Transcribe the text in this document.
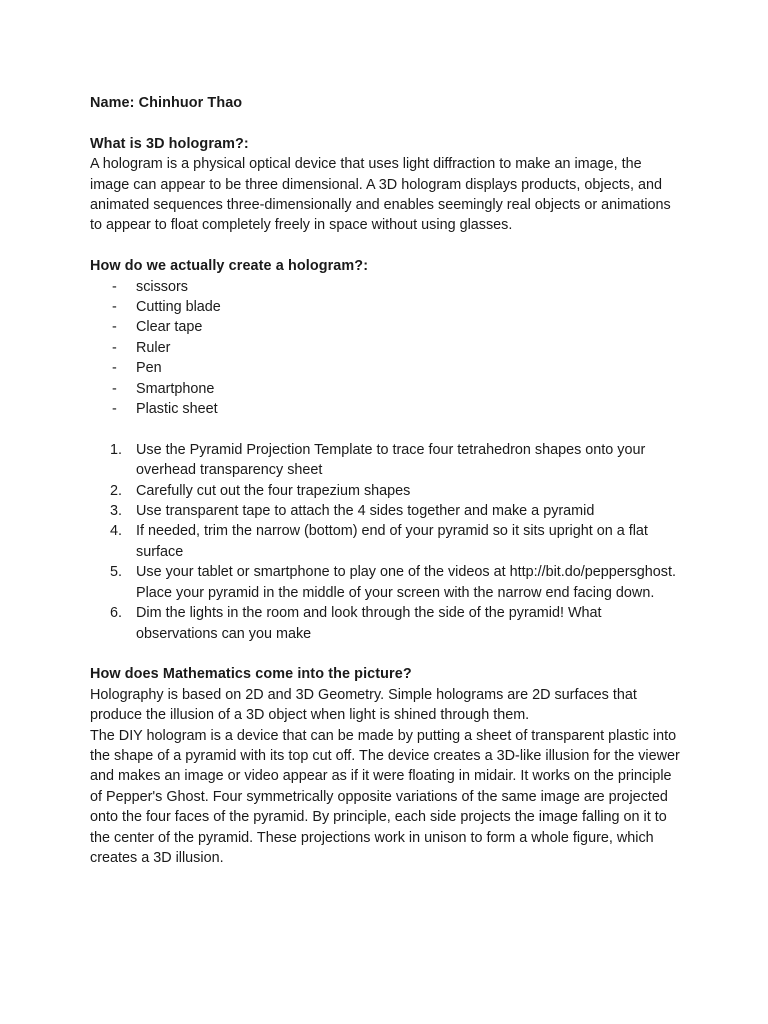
Name: Chinhuor Thao

What is 3D hologram?:

A hologram is a physical optical device that uses light diffraction to make an image, the image can appear to be three dimensional. A 3D hologram displays products, objects, and animated sequences three-dimensionally and enables seemingly real objects or animations to appear to float completely freely in space without using glasses.

How do we actually create a hologram?:

- scissors
- Cutting blade
- Clear tape
- Ruler
- Pen
- Smartphone
- Plastic sheet
1. Use the Pyramid Projection Template to trace four tetrahedron shapes onto your overhead transparency sheet
2. Carefully cut out the four trapezium shapes
3. Use transparent tape to attach the 4 sides together and make a pyramid
4. If needed, trim the narrow (bottom) end of your pyramid so it sits upright on a flat surface
5. Use your tablet or smartphone to play one of the videos at http://bit.do/peppersghost. Place your pyramid in the middle of your screen with the narrow end facing down.
6. Dim the lights in the room and look through the side of the pyramid! What observations can you make

How does Mathematics come into the picture?

Holography is based on 2D and 3D Geometry. Simple holograms are 2D surfaces that produce the illusion of a 3D object when light is shined through them.

The DIY hologram is a device that can be made by putting a sheet of transparent plastic into the shape of a pyramid with its top cut off. The device creates a 3D-like illusion for the viewer and makes an image or video appear as if it were floating in midair. It works on the principle of Pepper's Ghost. Four symmetrically opposite variations of the same image are projected onto the four faces of the pyramid. By principle, each side projects the image falling on it to the center of the pyramid. These projections work in unison to form a whole figure, which creates a 3D illusion.
